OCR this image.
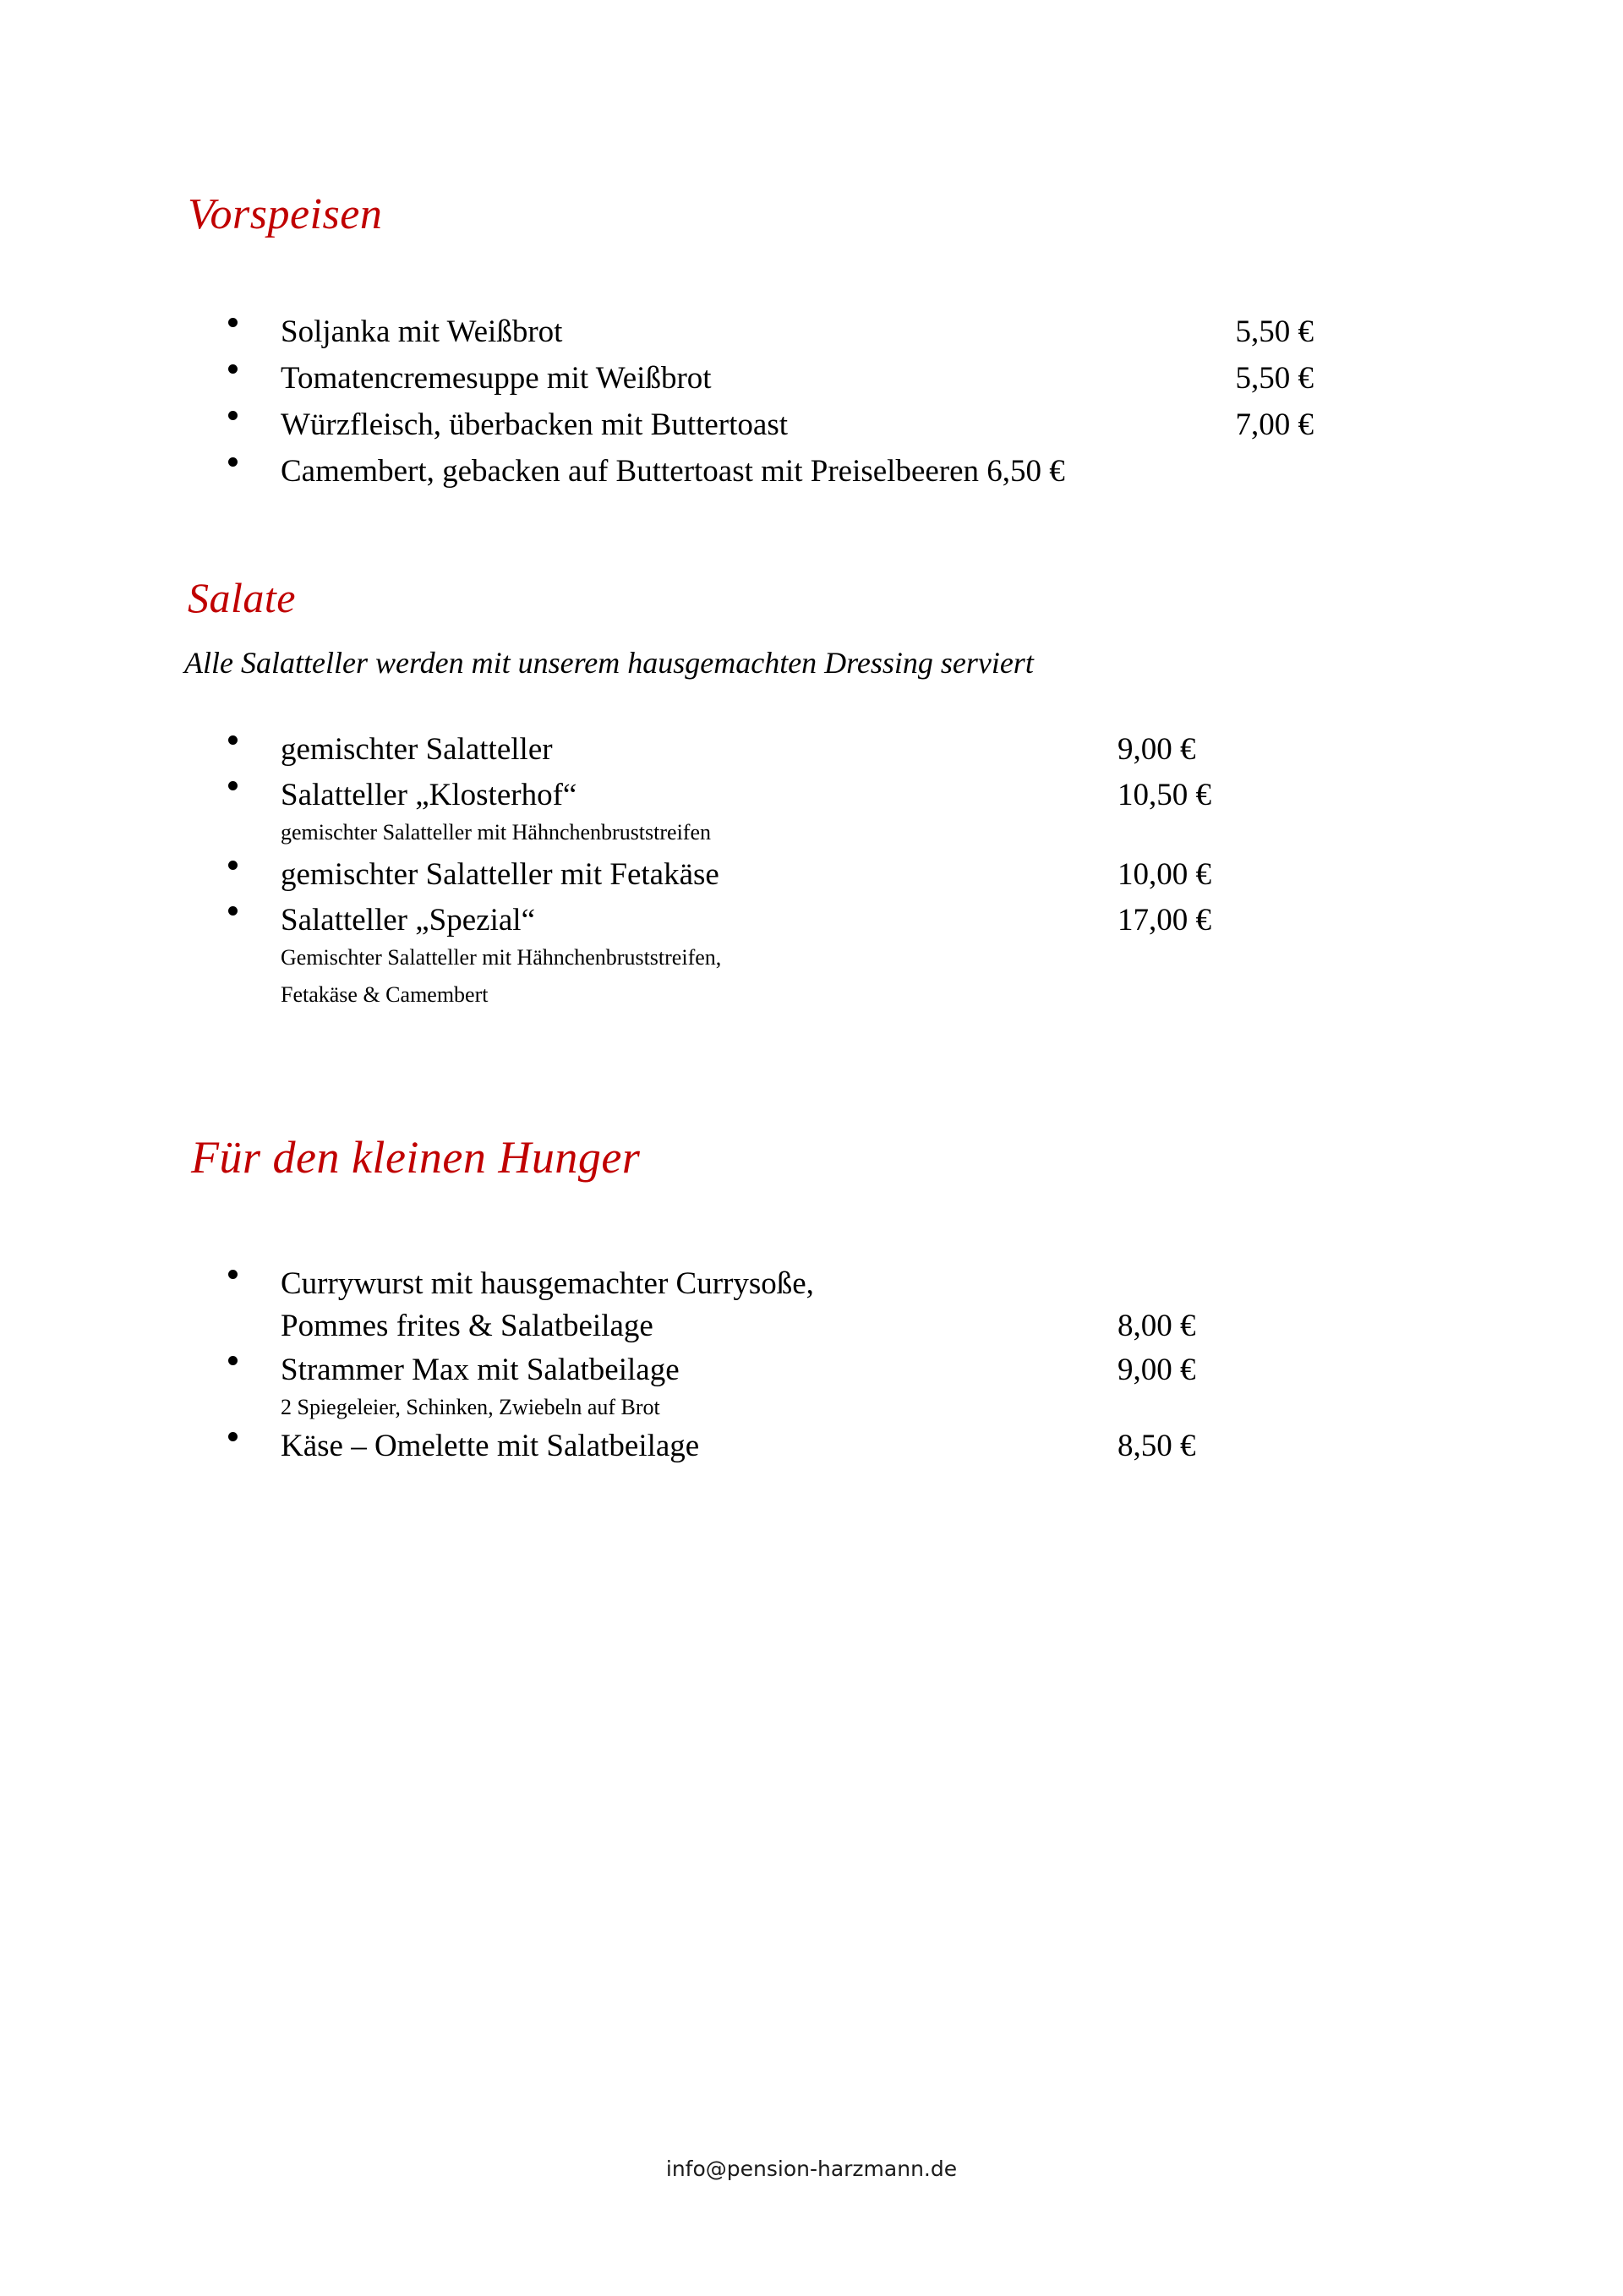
Vorspeisen
Soljanka mit Weißbrot	5,50 €
Tomatencremesuppe mit Weißbrot	5,50 €
Würzfleisch, überbacken mit Buttertoast	7,00 €
Camembert, gebacken auf Buttertoast mit Preiselbeeren 6,50 €
Salate
Alle Salatteller werden mit unserem hausgemachten Dressing serviert
gemischter Salatteller	9,00 €
Salatteller „Klosterhof“	10,50 €
gemischter Salatteller mit Hähnchenbruststreifen
gemischter Salatteller mit Fetakäse	10,00 €
Salatteller „Spezial“	17,00 €
Gemischter Salatteller mit Hähnchenbruststreifen,
Fetakäse & Camembert
Für den kleinen Hunger
Currywurst mit hausgemachter Currysoße,
Pommes frites & Salatbeilage	8,00 €
Strammer Max mit Salatbeilage	9,00 €
2 Spiegeleier, Schinken, Zwiebeln auf Brot
Käse – Omelette mit Salatbeilage	8,50 €
info@pension-harzmann.de
